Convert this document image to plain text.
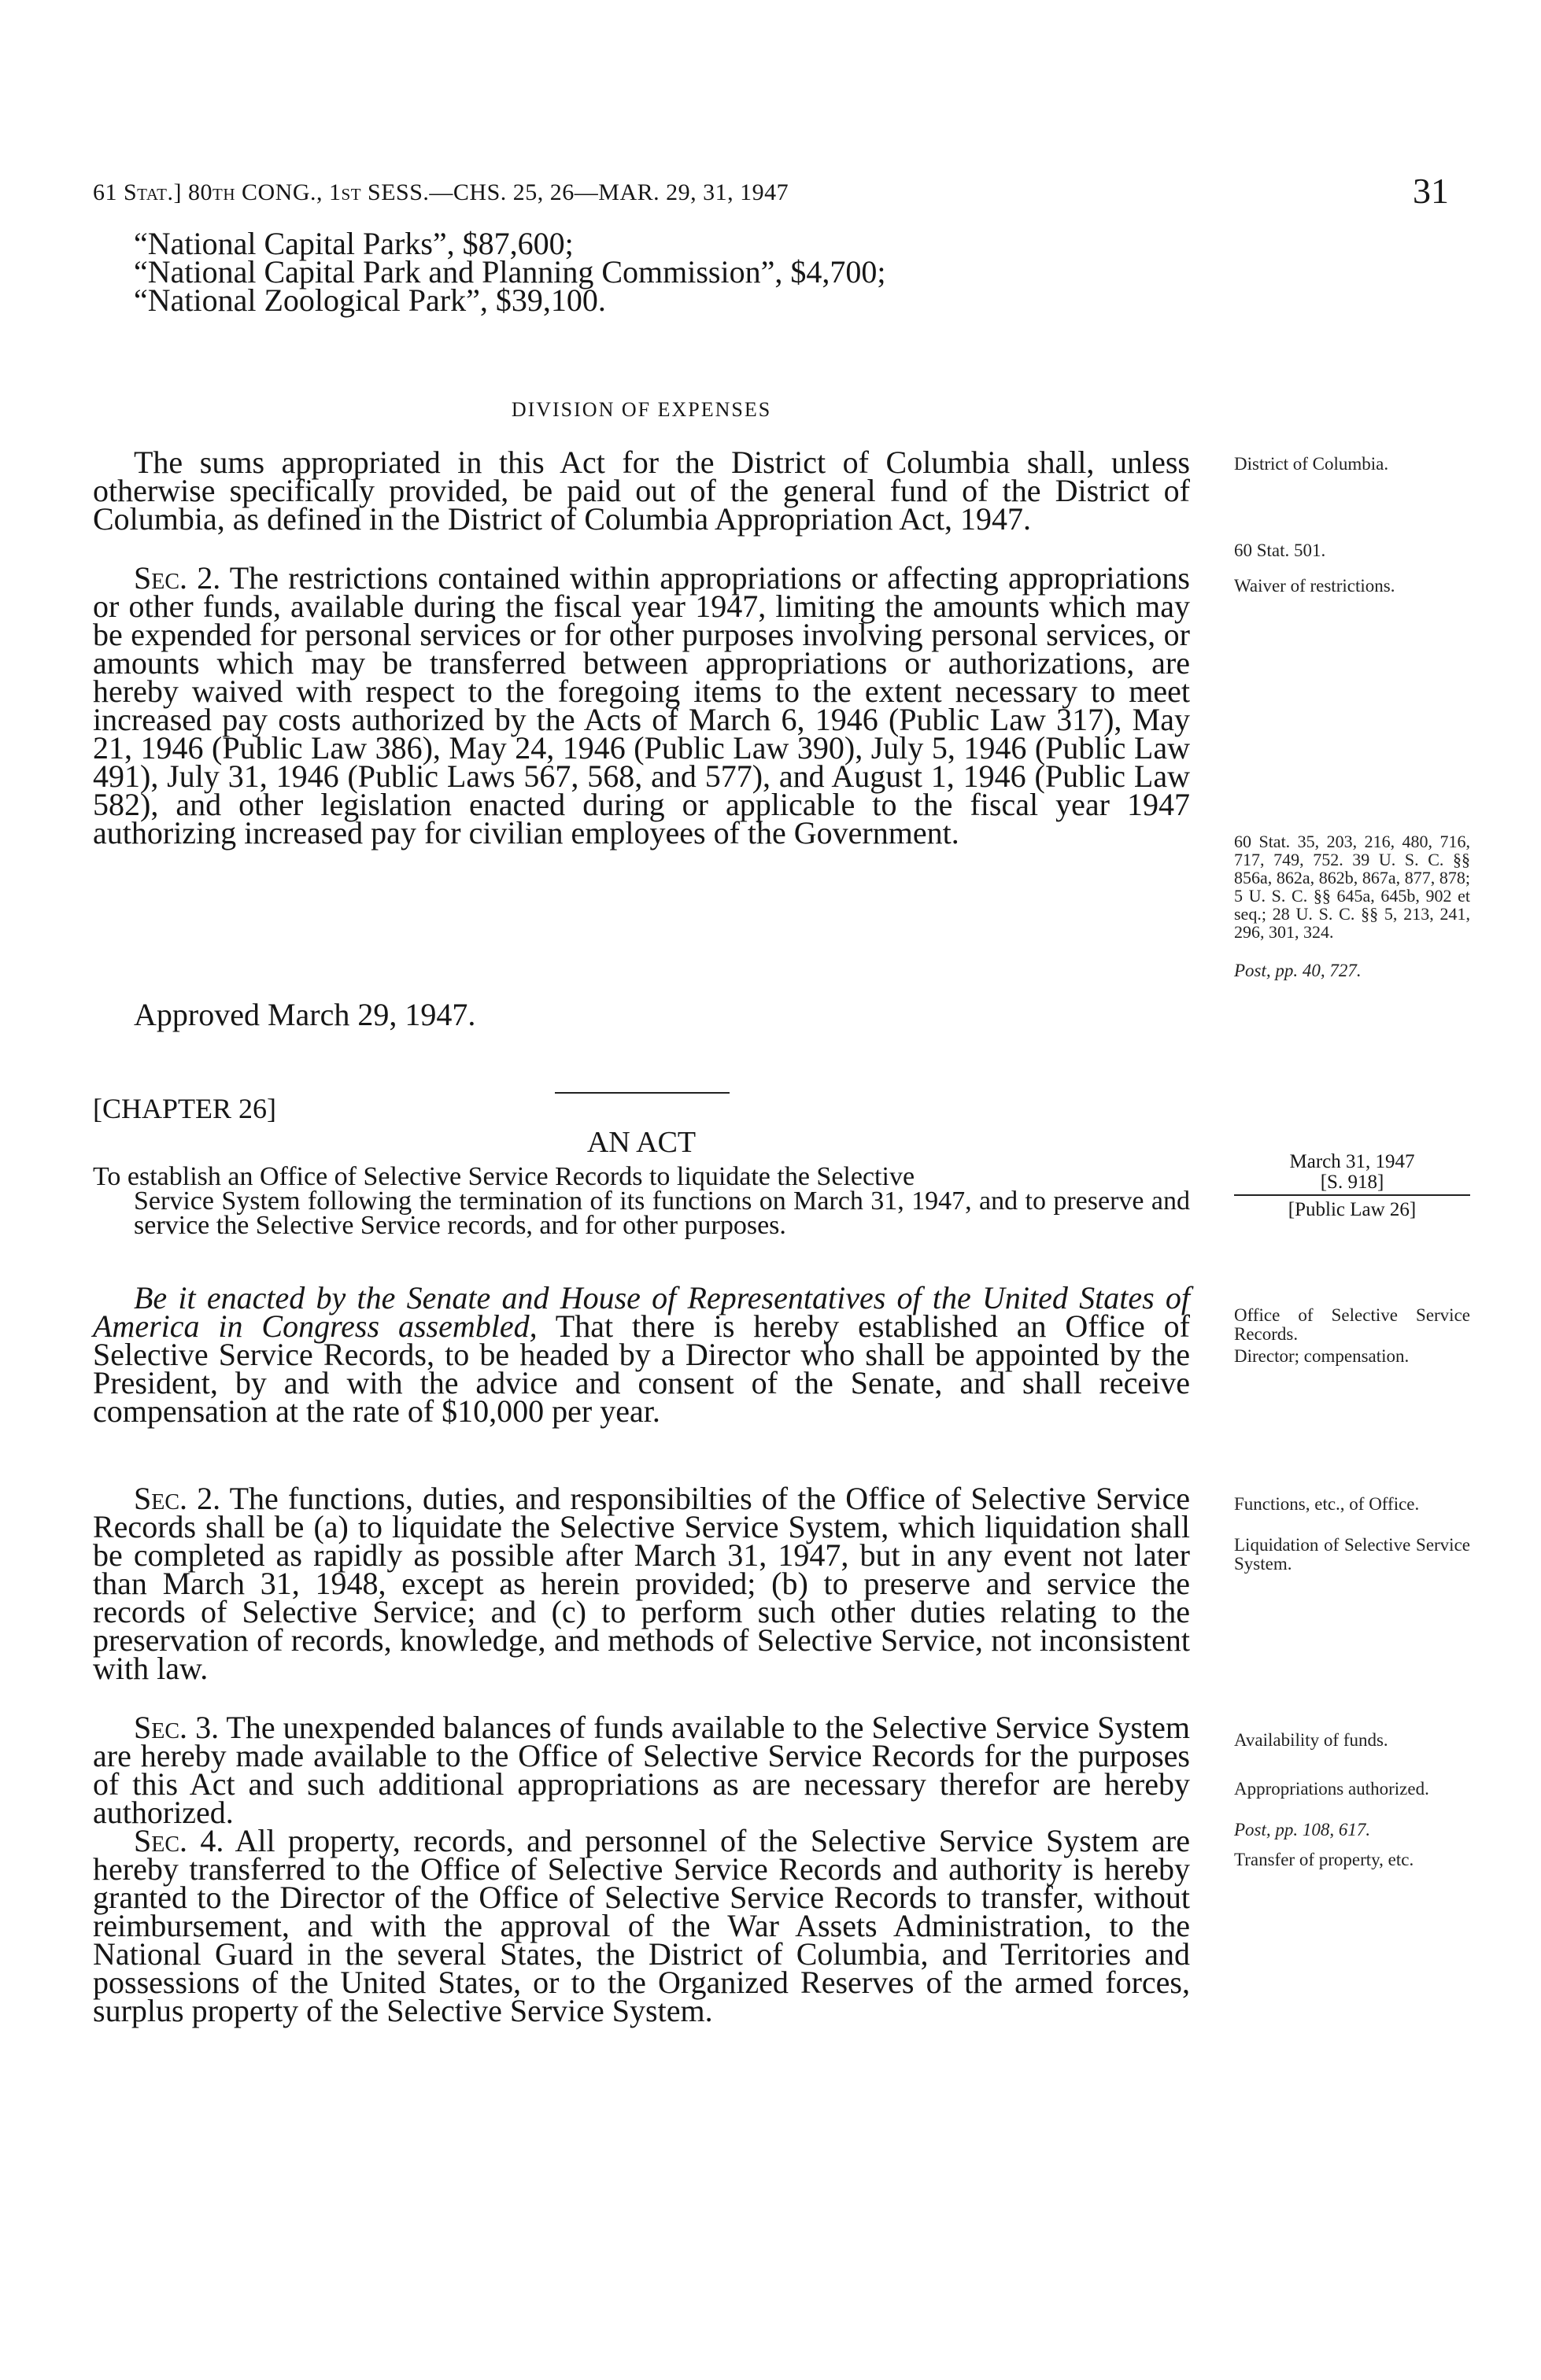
61 Stat.] 80th CONG., 1st SESS.—CHS. 25, 26—MAR. 29, 31, 1947	31

“National Capital Parks”, $87,600;

“National Capital Park and Planning Commission”, $4,700;

“National Zoological Park”, $39,100.

DIVISION OF EXPENSES

The sums appropriated in this Act for the District of Columbia shall, unless otherwise specifically provided, be paid out of the general fund of the District of Columbia, as defined in the District of Columbia Appropriation Act, 1947.

Sec. 2. The restrictions contained within appropriations or affecting appropriations or other funds, available during the fiscal year 1947, limiting the amounts which may be expended for personal services or for other purposes involving personal services, or amounts which may be transferred between appropriations or authorizations, are hereby waived with respect to the foregoing items to the extent necessary to meet increased pay costs authorized by the Acts of March 6, 1946 (Public Law 317), May 21, 1946 (Public Law 386), May 24, 1946 (Public Law 390), July 5, 1946 (Public Law 491), July 31, 1946 (Public Laws 567, 568, and 577), and August 1, 1946 (Public Law 582), and other legislation enacted during or applicable to the fiscal year 1947 authorizing increased pay for civilian employees of the Government.

Approved March 29, 1947.

[CHAPTER 26]
AN ACT
To establish an Office of Selective Service Records to liquidate the Selective
Service System following the termination of its functions on March 31, 1947, and to preserve and service the Selective Service records, and for other purposes.
March 31, 1947
[S. 918]
[Public Law 26]

Be it enacted by the Senate and House of Representatives of the United States of America in Congress assembled, That there is hereby established an Office of Selective Service Records, to be headed by a Director who shall be appointed by the President, by and with the advice and consent of the Senate, and shall receive compensation at the rate of $10,000 per year.

Sec. 2. The functions, duties, and responsibilties of the Office of Selective Service Records shall be (a) to liquidate the Selective Service System, which liquidation shall be completed as rapidly as possible after March 31, 1947, but in any event not later than March 31, 1948, except as herein provided; (b) to preserve and service the records of Selective Service; and (c) to perform such other duties relating to the preservation of records, knowledge, and methods of Selective Service, not inconsistent with law.

Sec. 3. The unexpended balances of funds available to the Selective Service System are hereby made available to the Office of Selective Service Records for the purposes of this Act and such additional appropriations as are necessary therefor are hereby authorized.

Sec. 4. All property, records, and personnel of the Selective Service System are hereby transferred to the Office of Selective Service Records and authority is hereby granted to the Director of the Office of Selective Service Records to transfer, without reimbursement, and with the approval of the War Assets Administration, to the National Guard in the several States, the District of Columbia, and Territories and possessions of the United States, or to the Organized Reserves of the armed forces, surplus property of the Selective Service System.

District of Columbia.
60 Stat. 501.
Waiver of restrictions.
60 Stat. 35, 203, 216, 480, 716, 717, 749, 752. 39 U. S. C. §§ 856a, 862a, 862b, 867a, 877, 878; 5 U. S. C. §§ 645a, 645b, 902 et seq.; 28 U. S. C. §§ 5, 213, 241, 296, 301, 324.
Post, pp. 40, 727.
Office of Selective Service Records.
Director; compensation.
Functions, etc., of Office.
Liquidation of Selective Service System.
Availability of funds.
Appropriations authorized.
Post, pp. 108, 617.
Transfer of property, etc.
